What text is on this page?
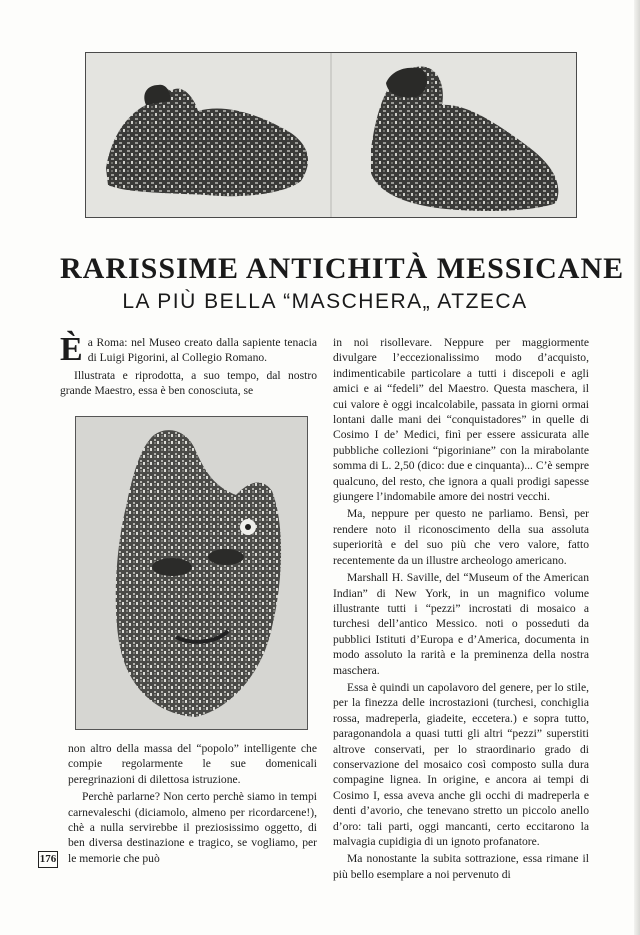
RARISSIME ANTICHITÀ MESSICANE
LA PIÙ BELLA “MASCHERA„ ATZECA

Èa Roma: nel Museo creato dalla sapiente tenacia di Luigi Pigorini, al Collegio Romano.

Illustrata e riprodotta, a suo tempo, dal nostro grande Maestro, essa è ben conosciuta, se

non altro della massa del “popolo” intelligente che compie regolarmente le sue domenicali peregrinazioni di dilettosa istruzione.

Perchè parlarne? Non certo perchè siamo in tempi carnevaleschi (diciamolo, almeno per ricordarcene!), chè a nulla servirebbe il preziosissimo oggetto, di ben diversa destinazione e tragico, se vogliamo, per le memorie che può

in noi risollevare. Neppure per maggiormente divulgare l’eccezionalissimo modo d’acquisto, indimenticabile particolare a tutti i discepoli e agli amici e ai “fedeli” del Maestro. Questa maschera, il cui valore è oggi incalcolabile, passata in giorni ormai lontani dalle mani dei “conquistadores” in quelle di Cosimo I de’ Medici, finì per essere assicurata alle pubbliche collezioni “pigoriniane” con la mirabolante somma di L. 2,50 (dico: due e cinquanta)... C’è sempre qualcuno, del resto, che ignora a quali prodigi sapesse giungere l’indomabile amore dei nostri vecchi.

Ma, neppure per questo ne parliamo. Bensì, per rendere noto il riconoscimento della sua assoluta superiorità e del suo più che vero valore, fatto recentemente da un illustre archeologo americano.

Marshall H. Saville, del “Museum of the American Indian” di New York, in un magnifico volume illustrante tutti i “pezzi” incrostati di mosaico a turchesi dell’antico Messico. noti o posseduti da pubblici Istituti d’Europa e d’America, documenta in modo assoluto la rarità e la preminenza della nostra maschera.

Essa è quindi un capolavoro del genere, per lo stile, per la finezza delle incrostazioni (turchesi, conchiglia rossa, madreperla, giadeite, eccetera.) e sopra tutto, paragonandola a quasi tutti gli altri “pezzi” superstiti altrove conservati, per lo straordinario grado di conservazione del mosaico così composto sulla dura compagine lignea. In origine, e ancora ai tempi di Cosimo I, essa aveva anche gli occhi di madreperla e denti d’avorio, che tenevano stretto un piccolo anello d’oro: tali parti, oggi mancanti, certo eccitarono la malvagia cupidigia di un ignoto profanatore.

Ma nonostante la subita sottrazione, essa rimane il più bello esemplare a noi pervenuto di

176
